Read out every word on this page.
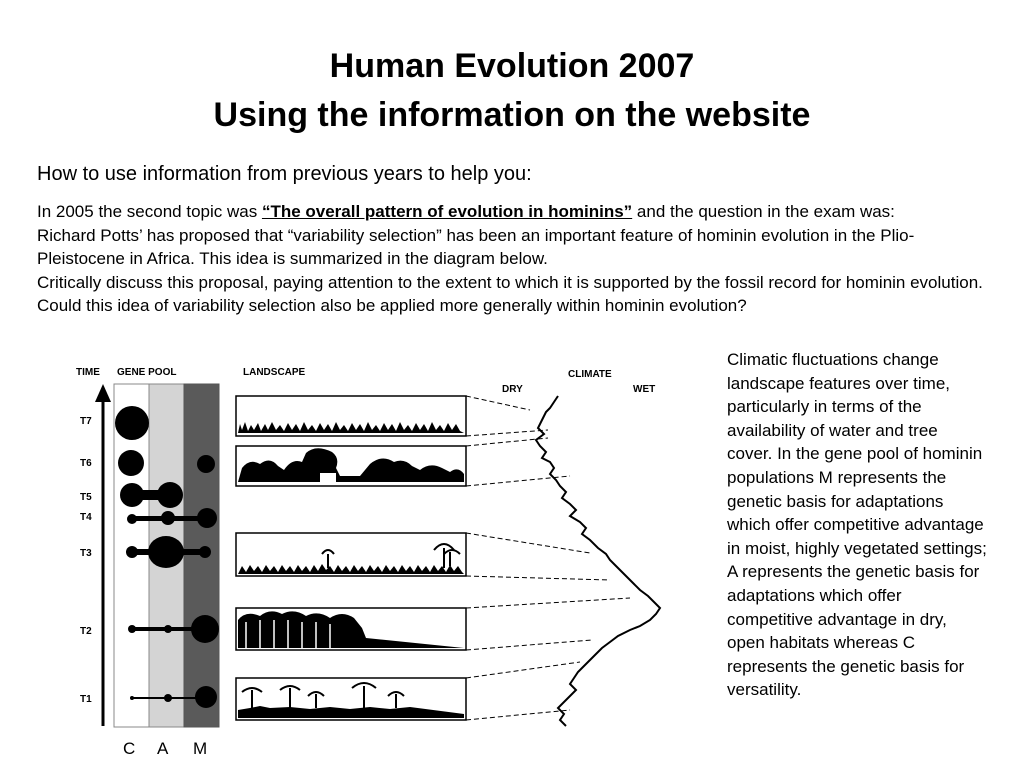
Human Evolution 2007
Using the information on the website

How to use information from previous years to help you:

In 2005 the second topic was “The overall pattern of evolution in hominins” and the question in the exam was:

Richard Potts’ has proposed that “variability selection” has been an important feature of hominin evolution in the Plio-Pleistocene in Africa. This idea is summarized in the diagram below.

Critically discuss this proposal, paying attention to the extent to which it is supported by the fossil record for hominin evolution. Could this idea of variability selection also be applied more generally within hominin evolution?

Climatic fluctuations change landscape features over time, particularly in terms of the availability of water and tree cover. In the gene pool of hominin populations M represents the genetic basis for adaptations which offer competitive advantage in moist, highly vegetated settings; A represents the genetic basis for adaptations which offer competitive advantage in dry, open habitats whereas C represents the genetic basis for versatility.

TIME GENE POOL	LANDSCAPE	CLIMATE
DRY	WET
T7
T6
T5
T4
T3
T2
T1
C A M
